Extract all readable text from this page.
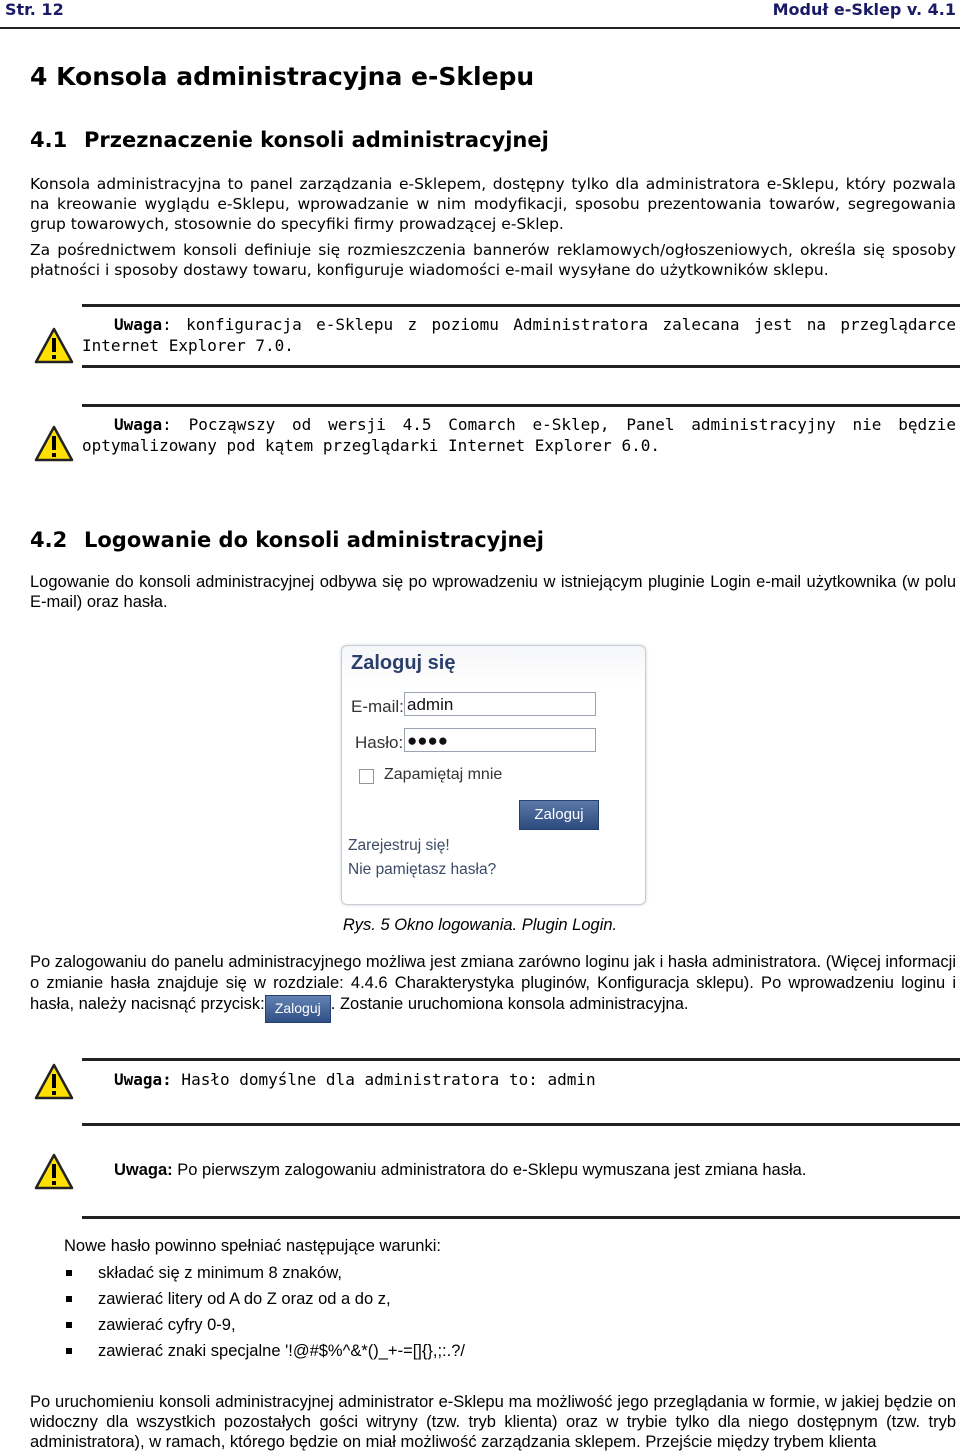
Str. 12	Moduł e-Sklep v. 4.1
4 Konsola administracyjna e-Sklepu
4.1 Przeznaczenie konsoli administracyjnej
Konsola administracyjna to panel zarządzania e-Sklepem, dostępny tylko dla administratora e-Sklepu, który pozwala na kreowanie wyglądu e-Sklepu, wprowadzanie w nim modyfikacji, sposobu prezentowania towarów, segregowania grup towarowych, stosownie do specyfiki firmy prowadzącej e-Sklep.
Za pośrednictwem konsoli definiuje się rozmieszczenia bannerów reklamowych/ogłoszeniowych, określa się sposoby płatności i sposoby dostawy towaru, konfiguruje wiadomości e-mail wysyłane do użytkowników sklepu.
Uwaga: konfiguracja e-Sklepu z poziomu Administratora zalecana jest na przeglądarce Internet Explorer 7.0.
Uwaga: Począwszy od wersji 4.5 Comarch e-Sklep, Panel administracyjny nie będzie optymalizowany pod kątem przeglądarki Internet Explorer 6.0.
4.2 Logowanie do konsoli administracyjnej
Logowanie do konsoli administracyjnej odbywa się po wprowadzeniu w istniejącym pluginie Login e-mail użytkownika (w polu E-mail) oraz hasła.
Zaloguj się
E-mail: admin
Hasło: ●●●●
Zapamiętaj mnie
Zaloguj
Zarejestruj się!
Nie pamiętasz hasła?
Rys. 5 Okno logowania. Plugin Login.
Po zalogowaniu do panelu administracyjnego możliwa jest zmiana zarówno loginu jak i hasła administratora. (Więcej informacji o zmianie hasła znajduje się w rozdziale: 4.4.6 Charakterystyka pluginów, Konfiguracja sklepu). Po wprowadzeniu loginu i hasła, należy nacisnąć przycisk: Zaloguj . Zostanie uruchomiona konsola administracyjna.
Uwaga: Hasło domyślne dla administratora to: admin
Uwaga: Po pierwszym zalogowaniu administratora do e-Sklepu wymuszana jest zmiana hasła.
Nowe hasło powinno spełniać następujące warunki:
składać się z minimum 8 znaków,
zawierać litery od A do Z oraz od a do z,
zawierać cyfry 0-9,
zawierać znaki specjalne '!@#$%^&*()_+-=[]{},;:.?/
Po uruchomieniu konsoli administracyjnej administrator e-Sklepu ma możliwość jego przeglądania w formie, w jakiej będzie on widoczny dla wszystkich pozostałych gości witryny (tzw. tryb klienta) oraz w trybie tylko dla niego dostępnym (tzw. tryb administratora), w ramach, którego będzie on miał możliwość zarządzania sklepem. Przejście między trybem klienta
